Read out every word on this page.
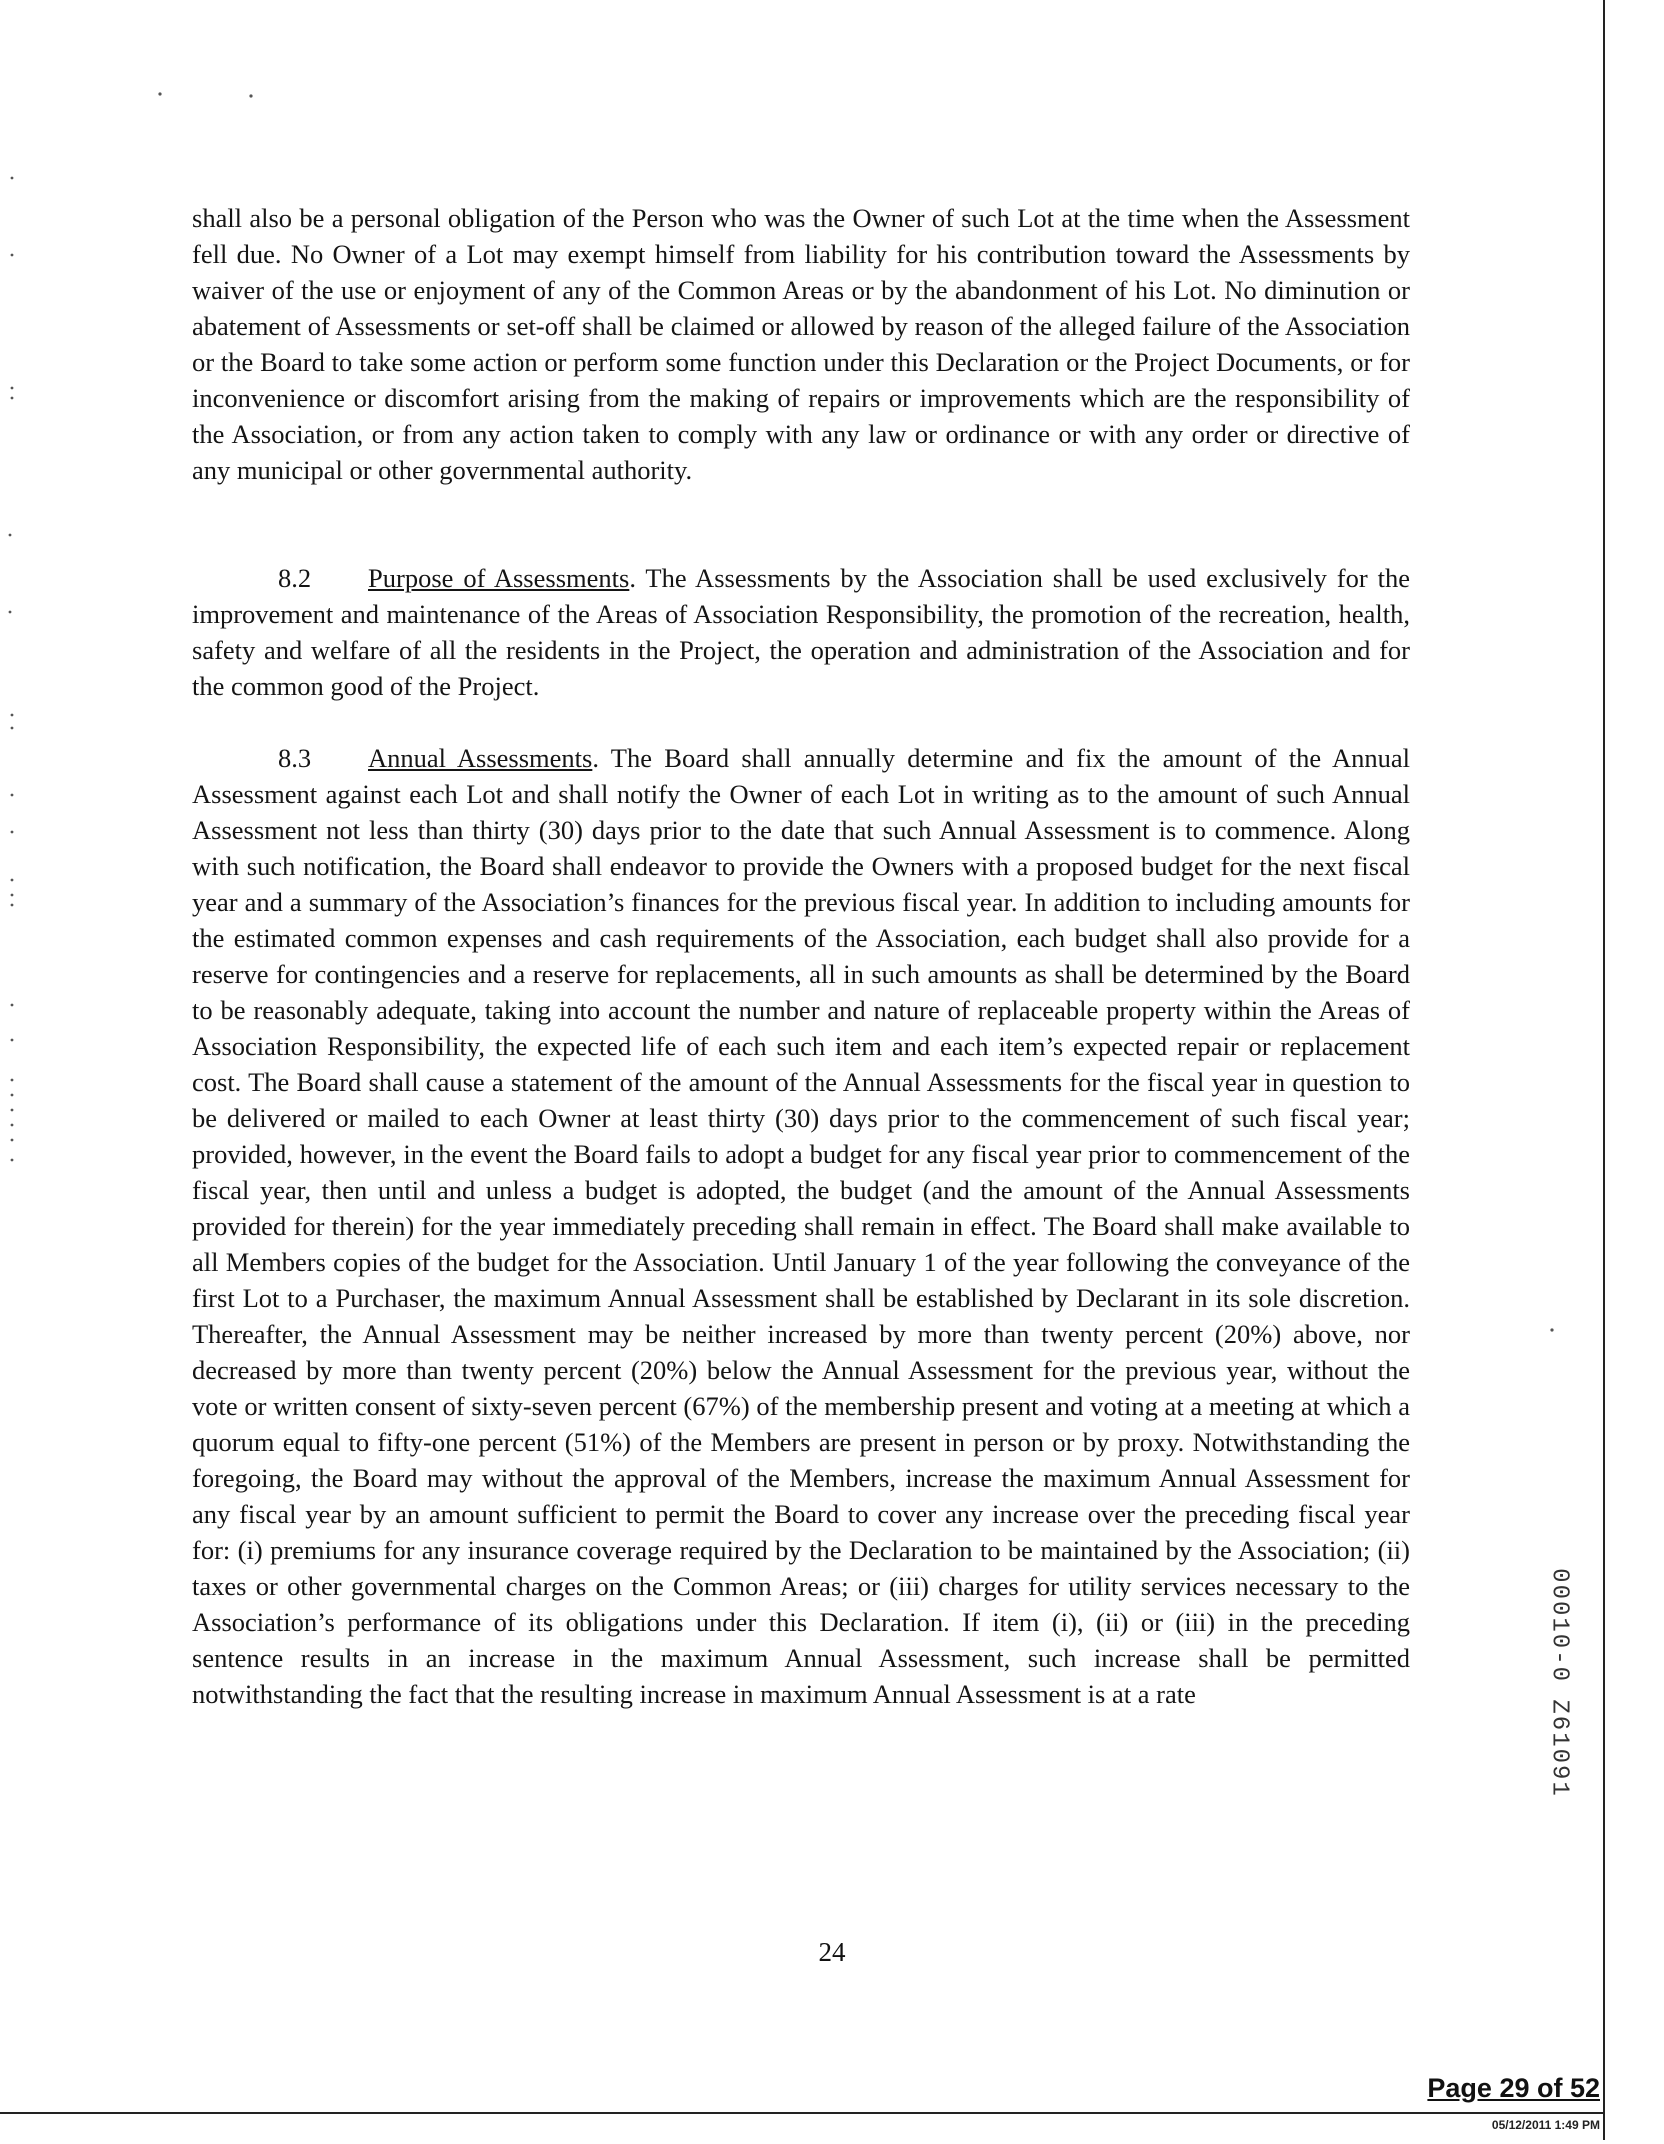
shall also be a personal obligation of the Person who was the Owner of such Lot at the time when the Assessment fell due. No Owner of a Lot may exempt himself from liability for his contribution toward the Assessments by waiver of the use or enjoyment of any of the Common Areas or by the abandonment of his Lot. No diminution or abatement of Assessments or set-off shall be claimed or allowed by reason of the alleged failure of the Association or the Board to take some action or perform some function under this Declaration or the Project Documents, or for inconvenience or discomfort arising from the making of repairs or improvements which are the responsibility of the Association, or from any action taken to comply with any law or ordinance or with any order or directive of any municipal or other governmental authority.

8.2 Purpose of Assessments. The Assessments by the Association shall be used exclusively for the improvement and maintenance of the Areas of Association Responsibility, the promotion of the recreation, health, safety and welfare of all the residents in the Project, the operation and administration of the Association and for the common good of the Project.

8.3 Annual Assessments. The Board shall annually determine and fix the amount of the Annual Assessment against each Lot and shall notify the Owner of each Lot in writing as to the amount of such Annual Assessment not less than thirty (30) days prior to the date that such Annual Assessment is to commence. Along with such notification, the Board shall endeavor to provide the Owners with a proposed budget for the next fiscal year and a summary of the Association’s finances for the previous fiscal year. In addition to including amounts for the estimated common expenses and cash requirements of the Association, each budget shall also provide for a reserve for contingencies and a reserve for replacements, all in such amounts as shall be determined by the Board to be reasonably adequate, taking into account the number and nature of replaceable property within the Areas of Association Responsibility, the expected life of each such item and each item’s expected repair or replacement cost. The Board shall cause a statement of the amount of the Annual Assessments for the fiscal year in question to be delivered or mailed to each Owner at least thirty (30) days prior to the commencement of such fiscal year; provided, however, in the event the Board fails to adopt a budget for any fiscal year prior to commencement of the fiscal year, then until and unless a budget is adopted, the budget (and the amount of the Annual Assessments provided for therein) for the year immediately preceding shall remain in effect. The Board shall make available to all Members copies of the budget for the Association. Until January 1 of the year following the conveyance of the first Lot to a Purchaser, the maximum Annual Assessment shall be established by Declarant in its sole discretion. Thereafter, the Annual Assessment may be neither increased by more than twenty percent (20%) above, nor decreased by more than twenty percent (20%) below the Annual Assessment for the previous year, without the vote or written consent of sixty-seven percent (67%) of the membership present and voting at a meeting at which a quorum equal to fifty-one percent (51%) of the Members are present in person or by proxy. Notwithstanding the foregoing, the Board may without the approval of the Members, increase the maximum Annual Assessment for any fiscal year by an amount sufficient to permit the Board to cover any increase over the preceding fiscal year for: (i) premiums for any insurance coverage required by the Declaration to be maintained by the Association; (ii) taxes or other governmental charges on the Common Areas; or (iii) charges for utility services necessary to the Association’s performance of its obligations under this Declaration. If item (i), (ii) or (iii) in the preceding sentence results in an increase in the maximum Annual Assessment, such increase shall be permitted notwithstanding the fact that the resulting increase in maximum Annual Assessment is at a rate

24
00010-0 Z61091
Page 29 of 52
05/12/2011 1:49 PM
